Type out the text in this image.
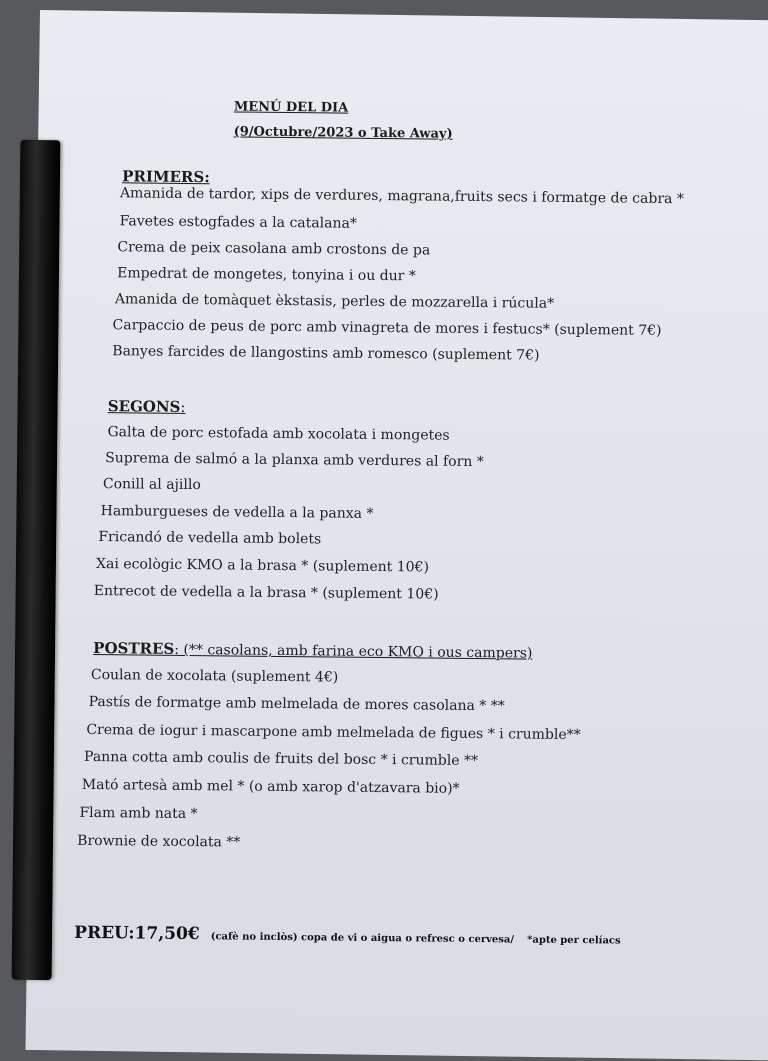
MENÚ DEL DIA
(9/Octubre/2023 o Take Away)
PRIMERS:
Amanida de tardor, xips de verdures, magrana,fruits secs i formatge de cabra *
Favetes estogfades a la catalana*
Crema de peix casolana amb crostons de pa
Empedrat de mongetes, tonyina i ou dur *
Amanida de tomàquet èkstasis, perles de mozzarella i rúcula*
Carpaccio de peus de porc amb vinagreta de mores i festucs* (suplement 7€)
Banyes farcides de llangostins amb romesco (suplement 7€)
SEGONS:
Galta de porc estofada amb xocolata i mongetes
Suprema de salmó a la planxa amb verdures al forn *
Conill al ajillo
Hamburgueses de vedella a la panxa *
Fricandó de vedella amb bolets
Xai ecològic KMO a la brasa * (suplement 10€)
Entrecot de vedella a la brasa * (suplement 10€)
POSTRES: (** casolans, amb farina eco KMO i ous campers)
Coulan de xocolata (suplement 4€)
Pastís de formatge amb melmelada de mores casolana * **
Crema de iogur i mascarpone amb melmelada de figues * i crumble**
Panna cotta amb coulis de fruits del bosc * i crumble **
Mató artesà amb mel * (o amb xarop d'atzavara bio)*
Flam amb nata *
Brownie de xocolata **
PREU:17,50€ (cafè no inclòs) copa de vi o aigua o refresc o cervesa/ *apte per celíacs
